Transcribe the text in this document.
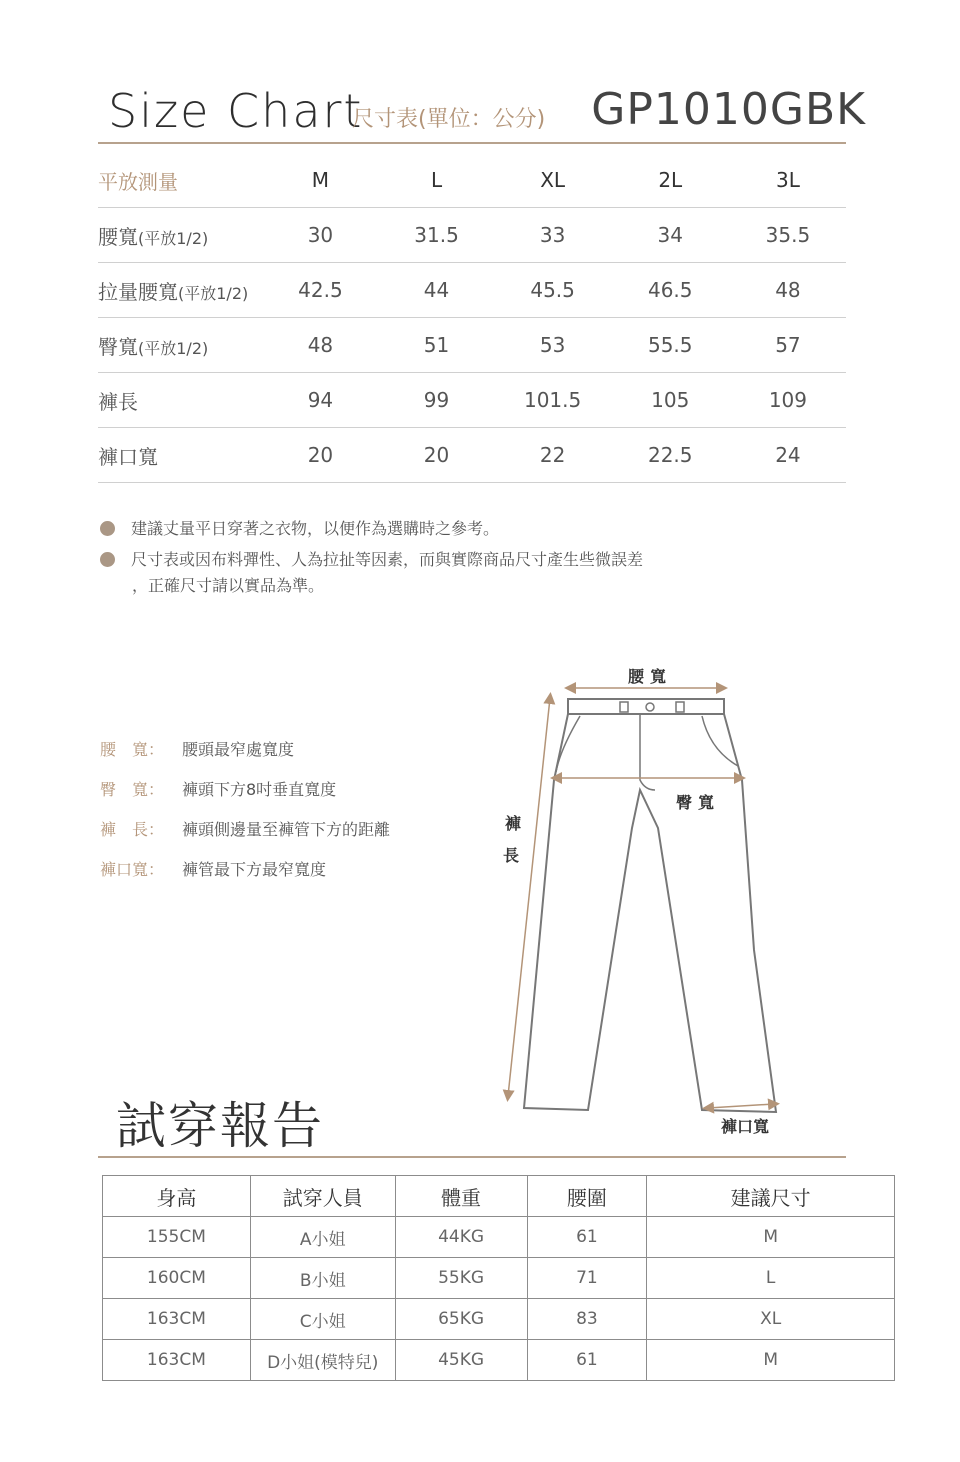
Size Chart
尺寸表(單位：公分) GP1010GBK
平放測量	M	L	XL	2L	3L
腰寬(平放1/2)	30	31.5	33	34	35.5
拉量腰寬(平放1/2)	42.5	44	45.5	46.5	48
臀寬(平放1/2)	48	51	53	55.5	57
褲長	94	99	101.5	105	109
褲口寬	20	20	22	22.5	24
建議丈量平日穿著之衣物，以便作為選購時之參考。
尺寸表或因布料彈性、人為拉扯等因素，而與實際商品尺寸產生些微誤差
，正確尺寸請以實品為準。
腰　寬：	腰頭最窄處寬度
臀　寬：	褲頭下方8吋垂直寬度
褲　長：	褲頭側邊量至褲管下方的距離
褲口寬：	褲管最下方最窄寬度
腰寬
臀寬
褲
長
褲口寬
試穿報告
身高	試穿人員	體重	腰圍	建議尺寸
155CM	A小姐	44KG	61	M
160CM	B小姐	55KG	71	L
163CM	C小姐	65KG	83	XL
163CM	D小姐(模特兒)	45KG	61	M
